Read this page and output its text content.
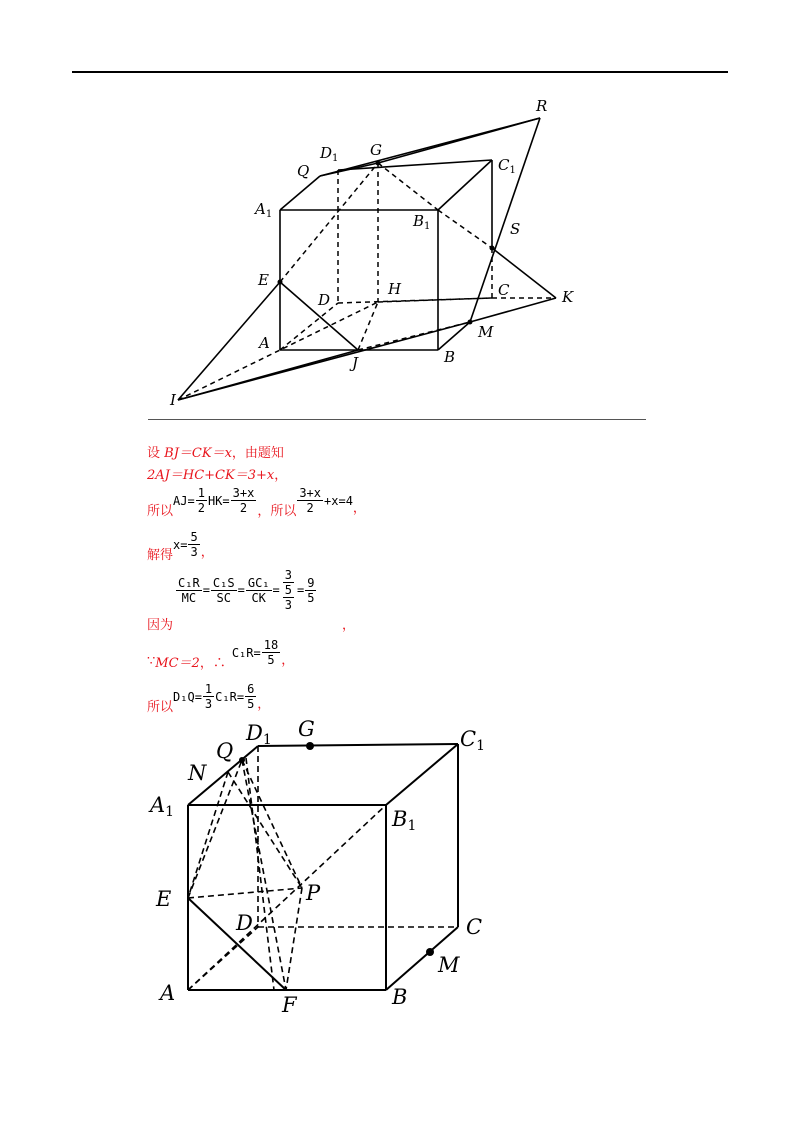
R
G
$D_1$	$C_1$
Q
$A_1$	$B_1$	S
E
D
H	C	K
M
A
J	B
I
设 BJ＝CK＝x，由题知
2AJ＝HC+CK＝3+x，
所以
$AJ= \frac{1}{2} HK= \frac{3+x}{2}$ ，所以 $\frac{3+x}{2} +x=4$
，
解得
$x= \frac{5}{3}$ ，
$\frac{\text{C₁R}}{MC} = \frac{\text{C₁S}}{SC} = \frac{\text{GC₁}}{CK} = \frac{3}{\frac{5}{3}} = \frac{9}{5}$
因为	，
∵ MC＝2 ，∴
$C_1R= \frac{18}{5}$ ，
所以
$D_1Q= \frac{1}{3} C_1R= \frac{6}{5}$ ，
D1 G	C1
Q
N
A1	B1
E	P
D	C
M
A	F	B
